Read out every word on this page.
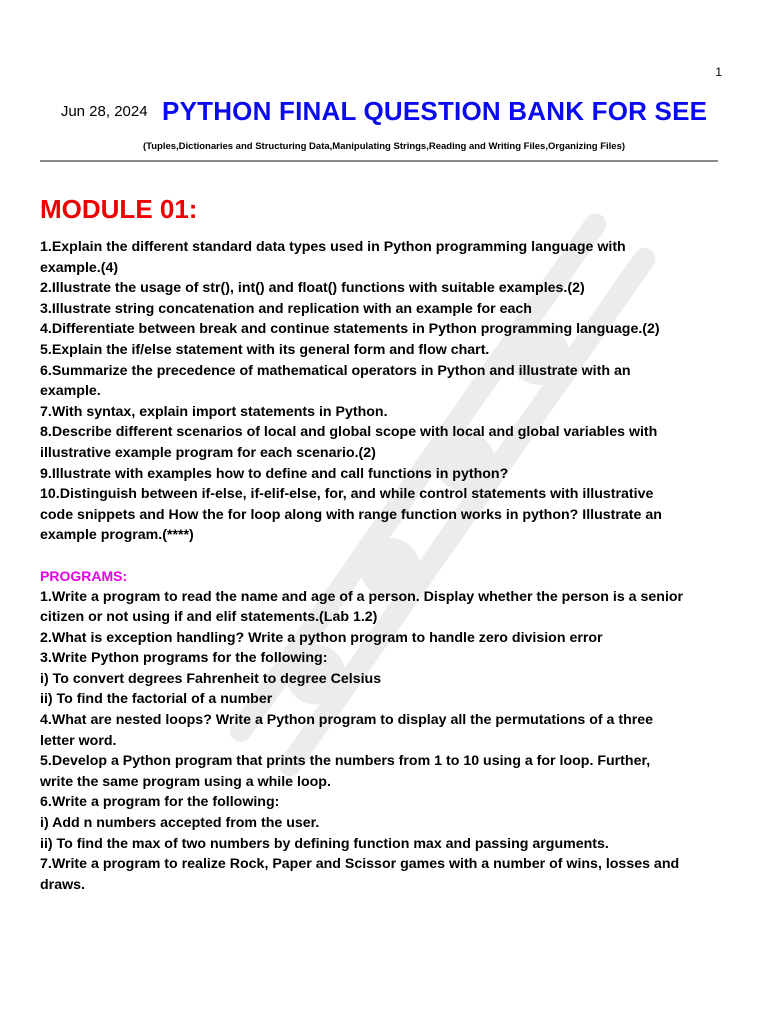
1
Jun 28, 2024 PYTHON FINAL QUESTION BANK FOR SEE
(Tuples,Dictionaries and Structuring Data,Manipulating Strings,Reading and Writing Files,Organizing Files)
MODULE 01:
1.Explain the different standard data types used in Python programming language with
example.(4)
2.Illustrate the usage of str(), int() and float() functions with suitable examples.(2)
3.Illustrate string concatenation and replication with an example for each
4.Differentiate between break and continue statements in Python programming language.(2)
5.Explain the if/else statement with its general form and flow chart.
6.Summarize the precedence of mathematical operators in Python and illustrate with an
example.
7.With syntax, explain import statements in Python.
8.Describe different scenarios of local and global scope with local and global variables with
illustrative example program for each scenario.(2)
9.Illustrate with examples how to define and call functions in python?
10.Distinguish between if-else, if-elif-else, for, and while control statements with illustrative
code snippets and How the for loop along with range function works in python? Illustrate an
example program.(****)
PROGRAMS:
1.Write a program to read the name and age of a person. Display whether the person is a senior
citizen or not using if and elif statements.(Lab 1.2)
2.What is exception handling? Write a python program to handle zero division error
3.Write Python programs for the following:
i) To convert degrees Fahrenheit to degree Celsius
ii) To find the factorial of a number
4.What are nested loops? Write a Python program to display all the permutations of a three
letter word.
5.Develop a Python program that prints the numbers from 1 to 10 using a for loop. Further,
write the same program using a while loop.
6.Write a program for the following:
i) Add n numbers accepted from the user.
ii) To find the max of two numbers by defining function max and passing arguments.
7.Write a program to realize Rock, Paper and Scissor games with a number of wins, losses and
draws.
